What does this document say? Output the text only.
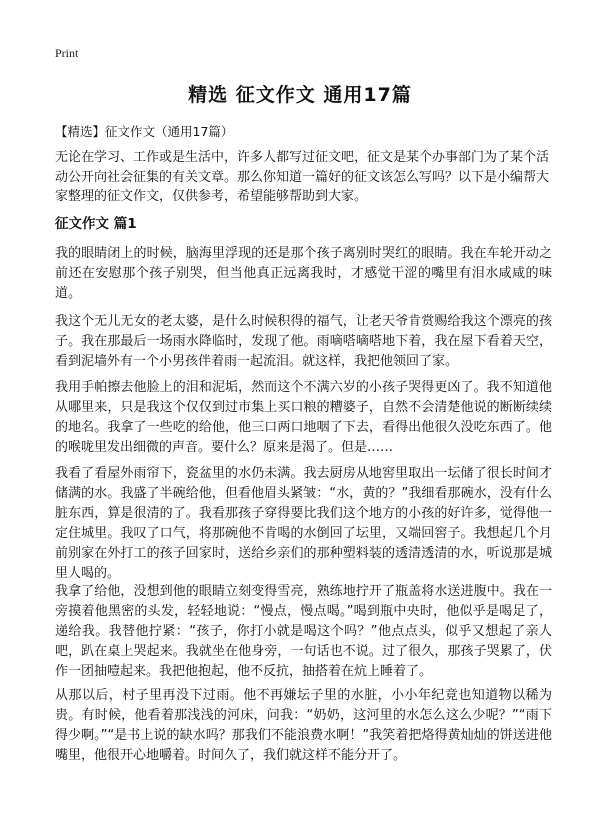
Print
精选 征文作文 通用17篇
【精选】征文作文（通用17篇）
无论在学习、工作或是生活中，许多人都写过征文吧，征文是某个办事部门为了某个活动公开向社会征集的有关文章。那么你知道一篇好的征文该怎么写吗？以下是小编帮大家整理的征文作文，仅供参考，希望能够帮助到大家。
征文作文 篇1

我的眼睛闭上的时候，脑海里浮现的还是那个孩子离别时哭红的眼睛。我在车轮开动之前还在安慰那个孩子别哭，但当他真正远离我时，才感觉干涩的嘴里有泪水咸咸的味道。

我这个无儿无女的老太婆，是什么时候积得的福气，让老天爷肯赏赐给我这个漂亮的孩子。我在那最后一场雨水降临时，发现了他。雨嘀嗒嘀嗒地下着，我在屋下看着天空，看到泥墙外有一个小男孩伴着雨一起流泪。就这样，我把他领回了家。

我用手帕擦去他脸上的泪和泥垢，然而这个不满六岁的小孩子哭得更凶了。我不知道他从哪里来，只是我这个仅仅到过市集上买口粮的糟婆子，自然不会清楚他说的断断续续的地名。我拿了一些吃的给他，他三口两口地咽了下去，看得出他很久没吃东西了。他的喉咙里发出细微的声音。要什么？原来是渴了。但是……

我看了看屋外雨帘下，瓷盆里的水仍未满。我去厨房从地窖里取出一坛储了很长时间才储满的水。我盛了半碗给他，但看他眉头紧皱：“水，黄的？”我细看那碗水，没有什么脏东西，算是很清的了。我看那孩子穿得要比我们这个地方的小孩的好许多，觉得他一定住城里。我叹了口气，将那碗他不肯喝的水倒回了坛里，又端回窖子。我想起几个月前别家在外打工的孩子回家时，送给乡亲们的那种塑料装的透清透清的水，听说那是城里人喝的。

我拿了给他，没想到他的眼睛立刻变得雪亮，熟练地拧开了瓶盖将水送进腹中。我在一旁摸着他黑密的头发，轻轻地说：“慢点，慢点喝。”喝到瓶中央时，他似乎是喝足了，递给我。我替他拧紧：“孩子，你打小就是喝这个吗？”他点点头，似乎又想起了亲人吧，趴在桌上哭起来。我就坐在他身旁，一句话也不说。过了很久，那孩子哭累了，伏作一团抽噎起来。我把他抱起，他不反抗，抽搭着在炕上睡着了。

从那以后，村子里再没下过雨。他不再嫌坛子里的水脏，小小年纪竟也知道物以稀为贵。有时候，他看着那浅浅的河床，问我：“奶奶，这河里的水怎么这么少呢？”“雨下得少啊。”“是书上说的缺水吗？那我们不能浪费水啊！”我笑着把烙得黄灿灿的饼送进他嘴里，他很开心地嚼着。时间久了，我们就这样不能分开了。
